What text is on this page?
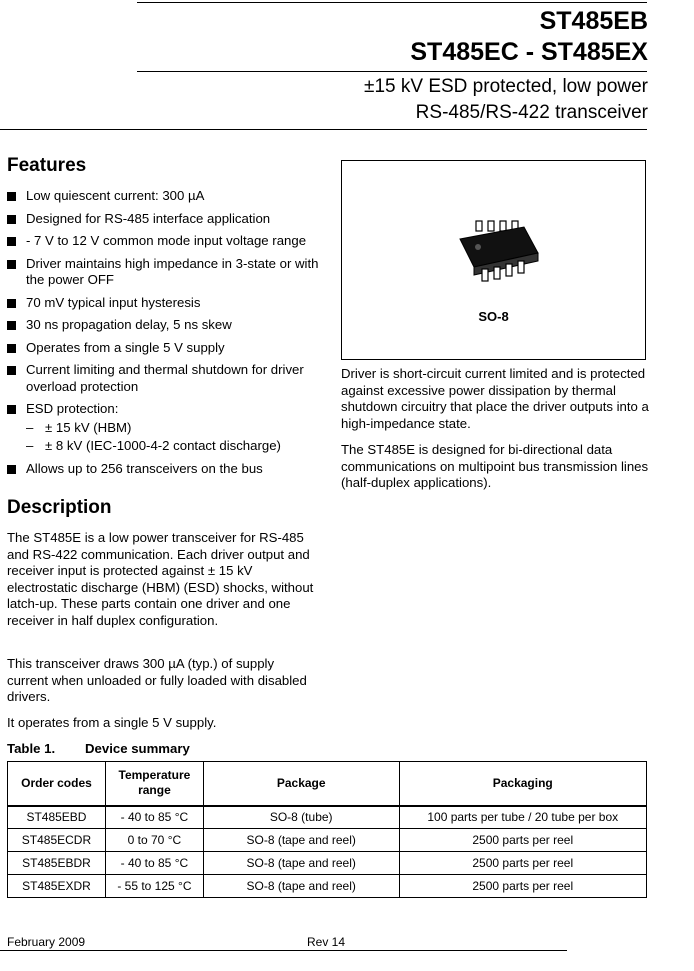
ST485EB
ST485EC - ST485EX
±15 kV ESD protected, low power
RS-485/RS-422 transceiver
Features
Low quiescent current: 300 µA
Designed for RS-485 interface application
- 7 V to 12 V common mode input voltage range
Driver maintains high impedance in 3-state or with the power OFF
70 mV typical input hysteresis
30 ns propagation delay, 5 ns skew
Operates from a single 5 V supply
Current limiting and thermal shutdown for driver overload protection
ESD protection:
– ± 15 kV (HBM)
– ± 8 kV (IEC-1000-4-2 contact discharge)
Allows up to 256 transceivers on the bus
SO-8
Driver is short-circuit current limited and is protected against excessive power dissipation by thermal shutdown circuitry that place the driver outputs into a high-impedance state.
The ST485E is designed for bi-directional data communications on multipoint bus transmission lines (half-duplex applications).
Description
The ST485E is a low power transceiver for RS-485 and RS-422 communication. Each driver output and receiver input is protected against ± 15 kV electrostatic discharge (HBM) (ESD) shocks, without latch-up. These parts contain one driver and one receiver in half duplex configuration.
This transceiver draws 300 µA (typ.) of supply current when unloaded or fully loaded with disabled drivers.
It operates from a single 5 V supply.
Table 1. Device summary
Order codes	Temperature range	Package	Packaging
ST485EBD	- 40 to 85 °C	SO-8 (tube)	100 parts per tube / 20 tube per box
ST485ECDR	0 to 70 °C	SO-8 (tape and reel)	2500 parts per reel
ST485EBDR	- 40 to 85 °C	SO-8 (tape and reel)	2500 parts per reel
ST485EXDR	- 55 to 125 °C	SO-8 (tape and reel)	2500 parts per reel
February 2009	Rev 14
